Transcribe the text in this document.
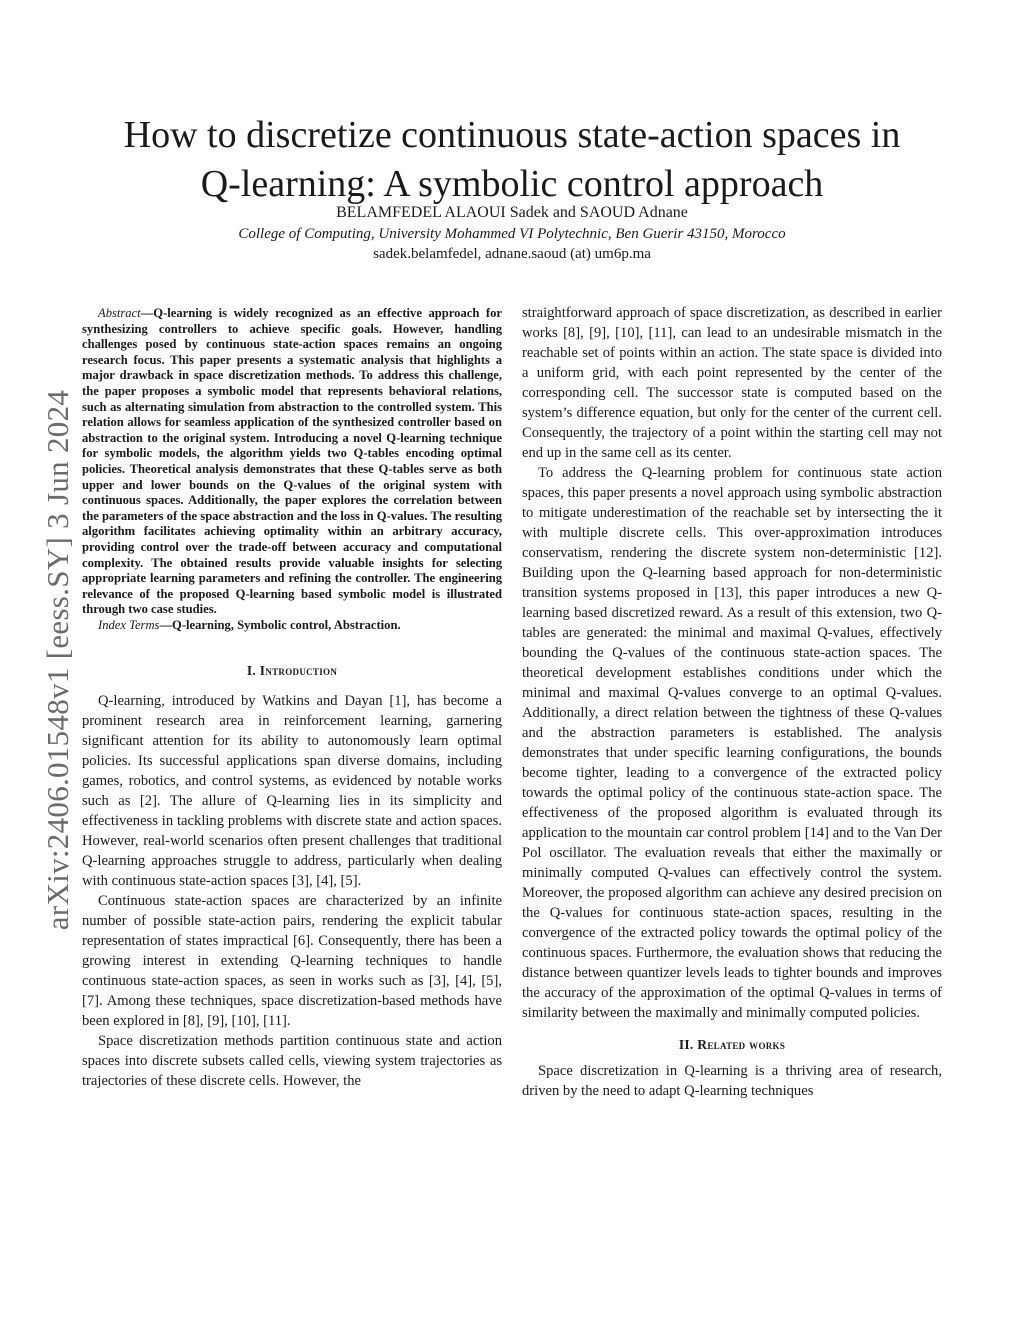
arXiv:2406.01548v1 [eess.SY] 3 Jun 2024
How to discretize continuous state-action spaces in
Q-learning: A symbolic control approach
BELAMFEDEL ALAOUI Sadek and SAOUD Adnane
College of Computing, University Mohammed VI Polytechnic, Ben Guerir 43150, Morocco
sadek.belamfedel, adnane.saoud (at) um6p.ma

Abstract—Q-learning is widely recognized as an effective approach for synthesizing controllers to achieve specific goals. However, handling challenges posed by continuous state-action spaces remains an ongoing research focus. This paper presents a systematic analysis that highlights a major drawback in space discretization methods. To address this challenge, the paper proposes a symbolic model that represents behavioral relations, such as alternating simulation from abstraction to the controlled system. This relation allows for seamless application of the synthesized controller based on abstraction to the original system. Introducing a novel Q-learning technique for symbolic models, the algorithm yields two Q-tables encoding optimal policies. Theoretical analysis demonstrates that these Q-tables serve as both upper and lower bounds on the Q-values of the original system with continuous spaces. Additionally, the paper explores the correlation between the parameters of the space abstraction and the loss in Q-values. The resulting algorithm facilitates achieving optimality within an arbitrary accuracy, providing control over the trade-off between accuracy and computational complexity. The obtained results provide valuable insights for selecting appropriate learning parameters and refining the controller. The engineering relevance of the proposed Q-learning based symbolic model is illustrated through two case studies.

Index Terms—Q-learning, Symbolic control, Abstraction.

I. Introduction

Q-learning, introduced by Watkins and Dayan [1], has become a prominent research area in reinforcement learning, garnering significant attention for its ability to autonomously learn optimal policies. Its successful applications span diverse domains, including games, robotics, and control systems, as evidenced by notable works such as [2]. The allure of Q-learning lies in its simplicity and effectiveness in tackling problems with discrete state and action spaces. However, real-world scenarios often present challenges that traditional Q-learning approaches struggle to address, particularly when dealing with continuous state-action spaces [3], [4], [5].

Continuous state-action spaces are characterized by an infinite number of possible state-action pairs, rendering the explicit tabular representation of states impractical [6]. Consequently, there has been a growing interest in extending Q-learning techniques to handle continuous state-action spaces, as seen in works such as [3], [4], [5], [7]. Among these techniques, space discretization-based methods have been explored in [8], [9], [10], [11].

Space discretization methods partition continuous state and action spaces into discrete subsets called cells, viewing system trajectories as trajectories of these discrete cells. However, the

straightforward approach of space discretization, as described in earlier works [8], [9], [10], [11], can lead to an undesirable mismatch in the reachable set of points within an action. The state space is divided into a uniform grid, with each point represented by the center of the corresponding cell. The successor state is computed based on the system’s difference equation, but only for the center of the current cell. Consequently, the trajectory of a point within the starting cell may not end up in the same cell as its center.

To address the Q-learning problem for continuous state action spaces, this paper presents a novel approach using symbolic abstraction to mitigate underestimation of the reachable set by intersecting the it with multiple discrete cells. This over-approximation introduces conservatism, rendering the discrete system non-deterministic [12]. Building upon the Q-learning based approach for non-deterministic transition systems proposed in [13], this paper introduces a new Q-learning based discretized reward. As a result of this extension, two Q-tables are generated: the minimal and maximal Q-values, effectively bounding the Q-values of the continuous state-action spaces. The theoretical development establishes conditions under which the minimal and maximal Q-values converge to an optimal Q-values. Additionally, a direct relation between the tightness of these Q-values and the abstraction parameters is established. The analysis demonstrates that under specific learning configurations, the bounds become tighter, leading to a convergence of the extracted policy towards the optimal policy of the continuous state-action space. The effectiveness of the proposed algorithm is evaluated through its application to the mountain car control problem [14] and to the Van Der Pol oscillator. The evaluation reveals that either the maximally or minimally computed Q-values can effectively control the system. Moreover, the proposed algorithm can achieve any desired precision on the Q-values for continuous state-action spaces, resulting in the convergence of the extracted policy towards the optimal policy of the continuous spaces. Furthermore, the evaluation shows that reducing the distance between quantizer levels leads to tighter bounds and improves the accuracy of the approximation of the optimal Q-values in terms of similarity between the maximally and minimally computed policies.

II. Related works

Space discretization in Q-learning is a thriving area of research, driven by the need to adapt Q-learning techniques
